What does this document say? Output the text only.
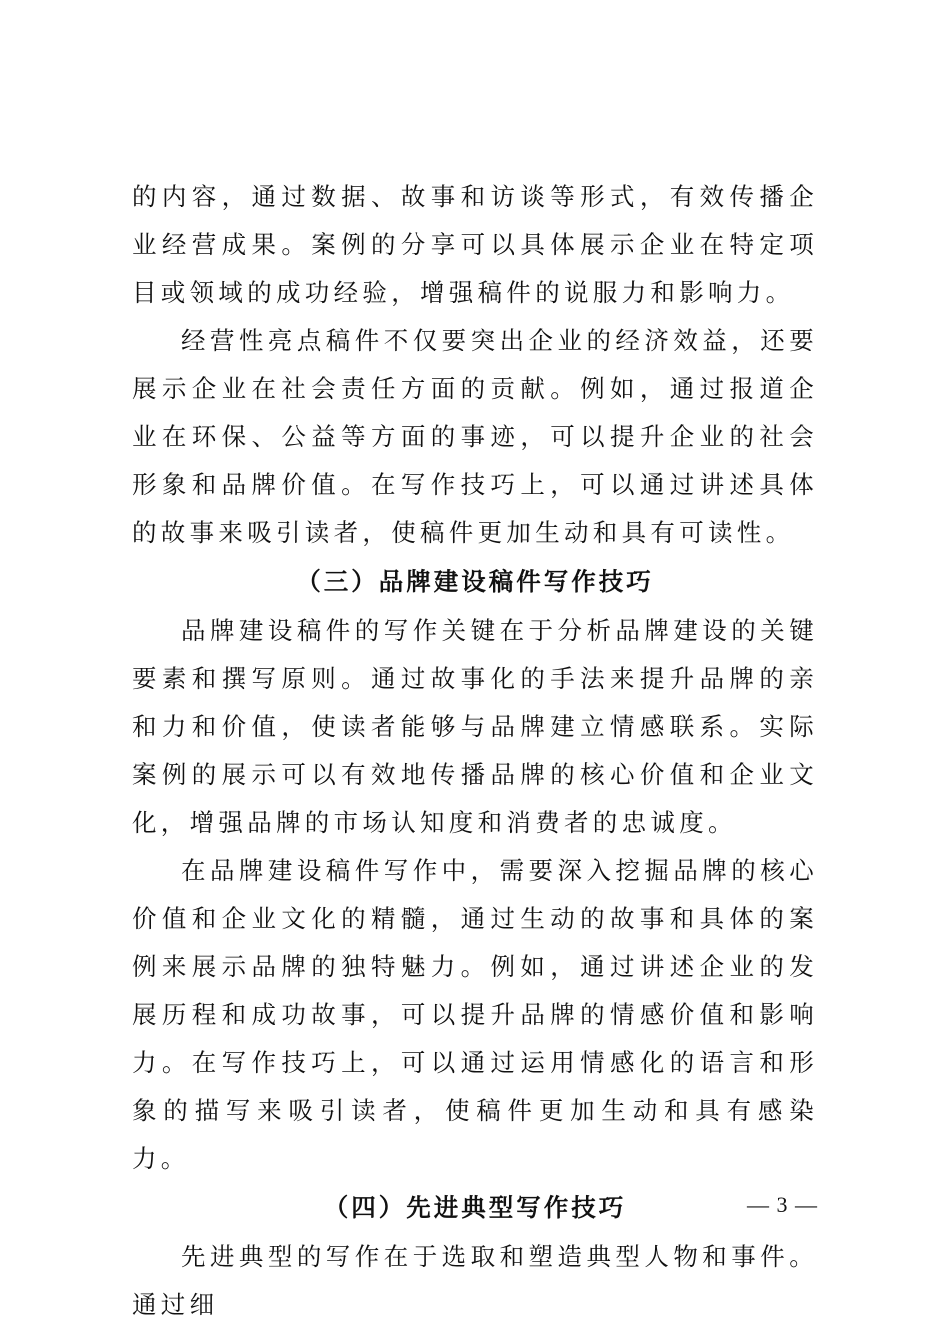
的内容，通过数据、故事和访谈等形式，有效传播企业经营成果。案例的分享可以具体展示企业在特定项目或领域的成功经验，增强稿件的说服力和影响力。

经营性亮点稿件不仅要突出企业的经济效益，还要展示企业在社会责任方面的贡献。例如，通过报道企业在环保、公益等方面的事迹，可以提升企业的社会形象和品牌价值。在写作技巧上，可以通过讲述具体的故事来吸引读者，使稿件更加生动和具有可读性。

（三）品牌建设稿件写作技巧

品牌建设稿件的写作关键在于分析品牌建设的关键要素和撰写原则。通过故事化的手法来提升品牌的亲和力和价值，使读者能够与品牌建立情感联系。实际案例的展示可以有效地传播品牌的核心价值和企业文化，增强品牌的市场认知度和消费者的忠诚度。

在品牌建设稿件写作中，需要深入挖掘品牌的核心价值和企业文化的精髓，通过生动的故事和具体的案例来展示品牌的独特魅力。例如，通过讲述企业的发展历程和成功故事，可以提升品牌的情感价值和影响力。在写作技巧上，可以通过运用情感化的语言和形象的描写来吸引读者，使稿件更加生动和具有感染力。

（四）先进典型写作技巧

先进典型的写作在于选取和塑造典型人物和事件。通过细

— 3 —
